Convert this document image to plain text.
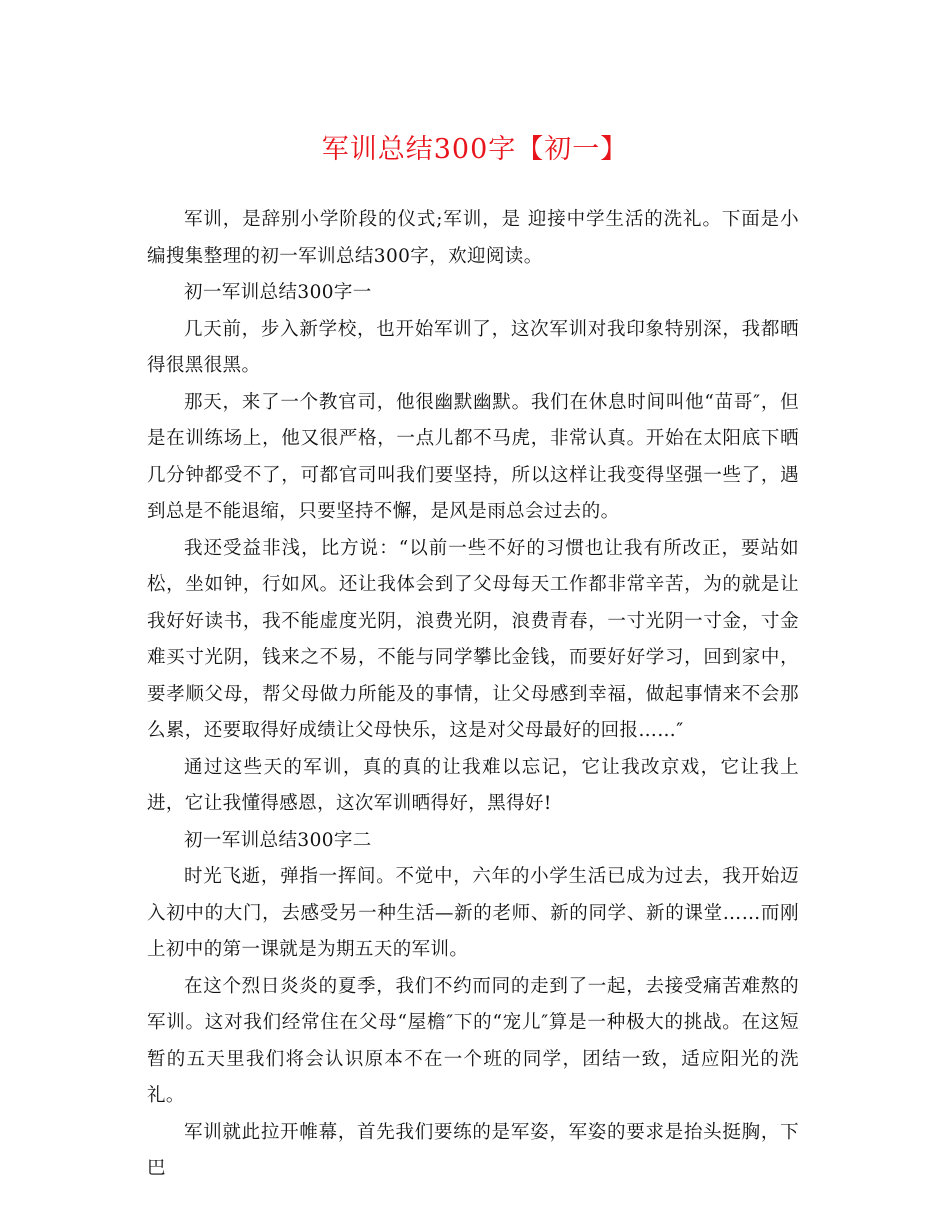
军训总结300字【初一】

军训，是辞别小学阶段的仪式;军训，是 迎接中学生活的洗礼。下面是小编搜集整理的初一军训总结300字，欢迎阅读。

初一军训总结300字一

几天前，步入新学校，也开始军训了，这次军训对我印象特别深，我都晒得很黑很黑。

那天，来了一个教官司，他很幽默幽默。我们在休息时间叫他“苗哥″，但是在训练场上，他又很严格，一点儿都不马虎，非常认真。开始在太阳底下晒几分钟都受不了，可都官司叫我们要坚持，所以这样让我变得坚强一些了，遇到总是不能退缩，只要坚持不懈，是风是雨总会过去的。

我还受益非浅，比方说：“以前一些不好的习惯也让我有所改正，要站如松，坐如钟，行如风。还让我体会到了父母每天工作都非常辛苦，为的就是让我好好读书，我不能虚度光阴，浪费光阴，浪费青春，一寸光阴一寸金，寸金难买寸光阴，钱来之不易，不能与同学攀比金钱，而要好好学习，回到家中，要孝顺父母，帮父母做力所能及的事情，让父母感到幸福，做起事情来不会那么累，还要取得好成绩让父母快乐，这是对父母最好的回报……″

通过这些天的军训，真的真的让我难以忘记，它让我改京戏，它让我上进，它让我懂得感恩，这次军训晒得好，黑得好!

初一军训总结300字二

时光飞逝，弹指一挥间。不觉中，六年的小学生活已成为过去，我开始迈入初中的大门，去感受另一种生活—新的老师、新的同学、新的课堂……而刚上初中的第一课就是为期五天的军训。

在这个烈日炎炎的夏季，我们不约而同的走到了一起，去接受痛苦难熬的军训。这对我们经常住在父母“屋檐″下的“宠儿″算是一种极大的挑战。在这短暂的五天里我们将会认识原本不在一个班的同学，团结一致，适应阳光的洗礼。

军训就此拉开帷幕，首先我们要练的是军姿，军姿的要求是抬头挺胸，下巴
